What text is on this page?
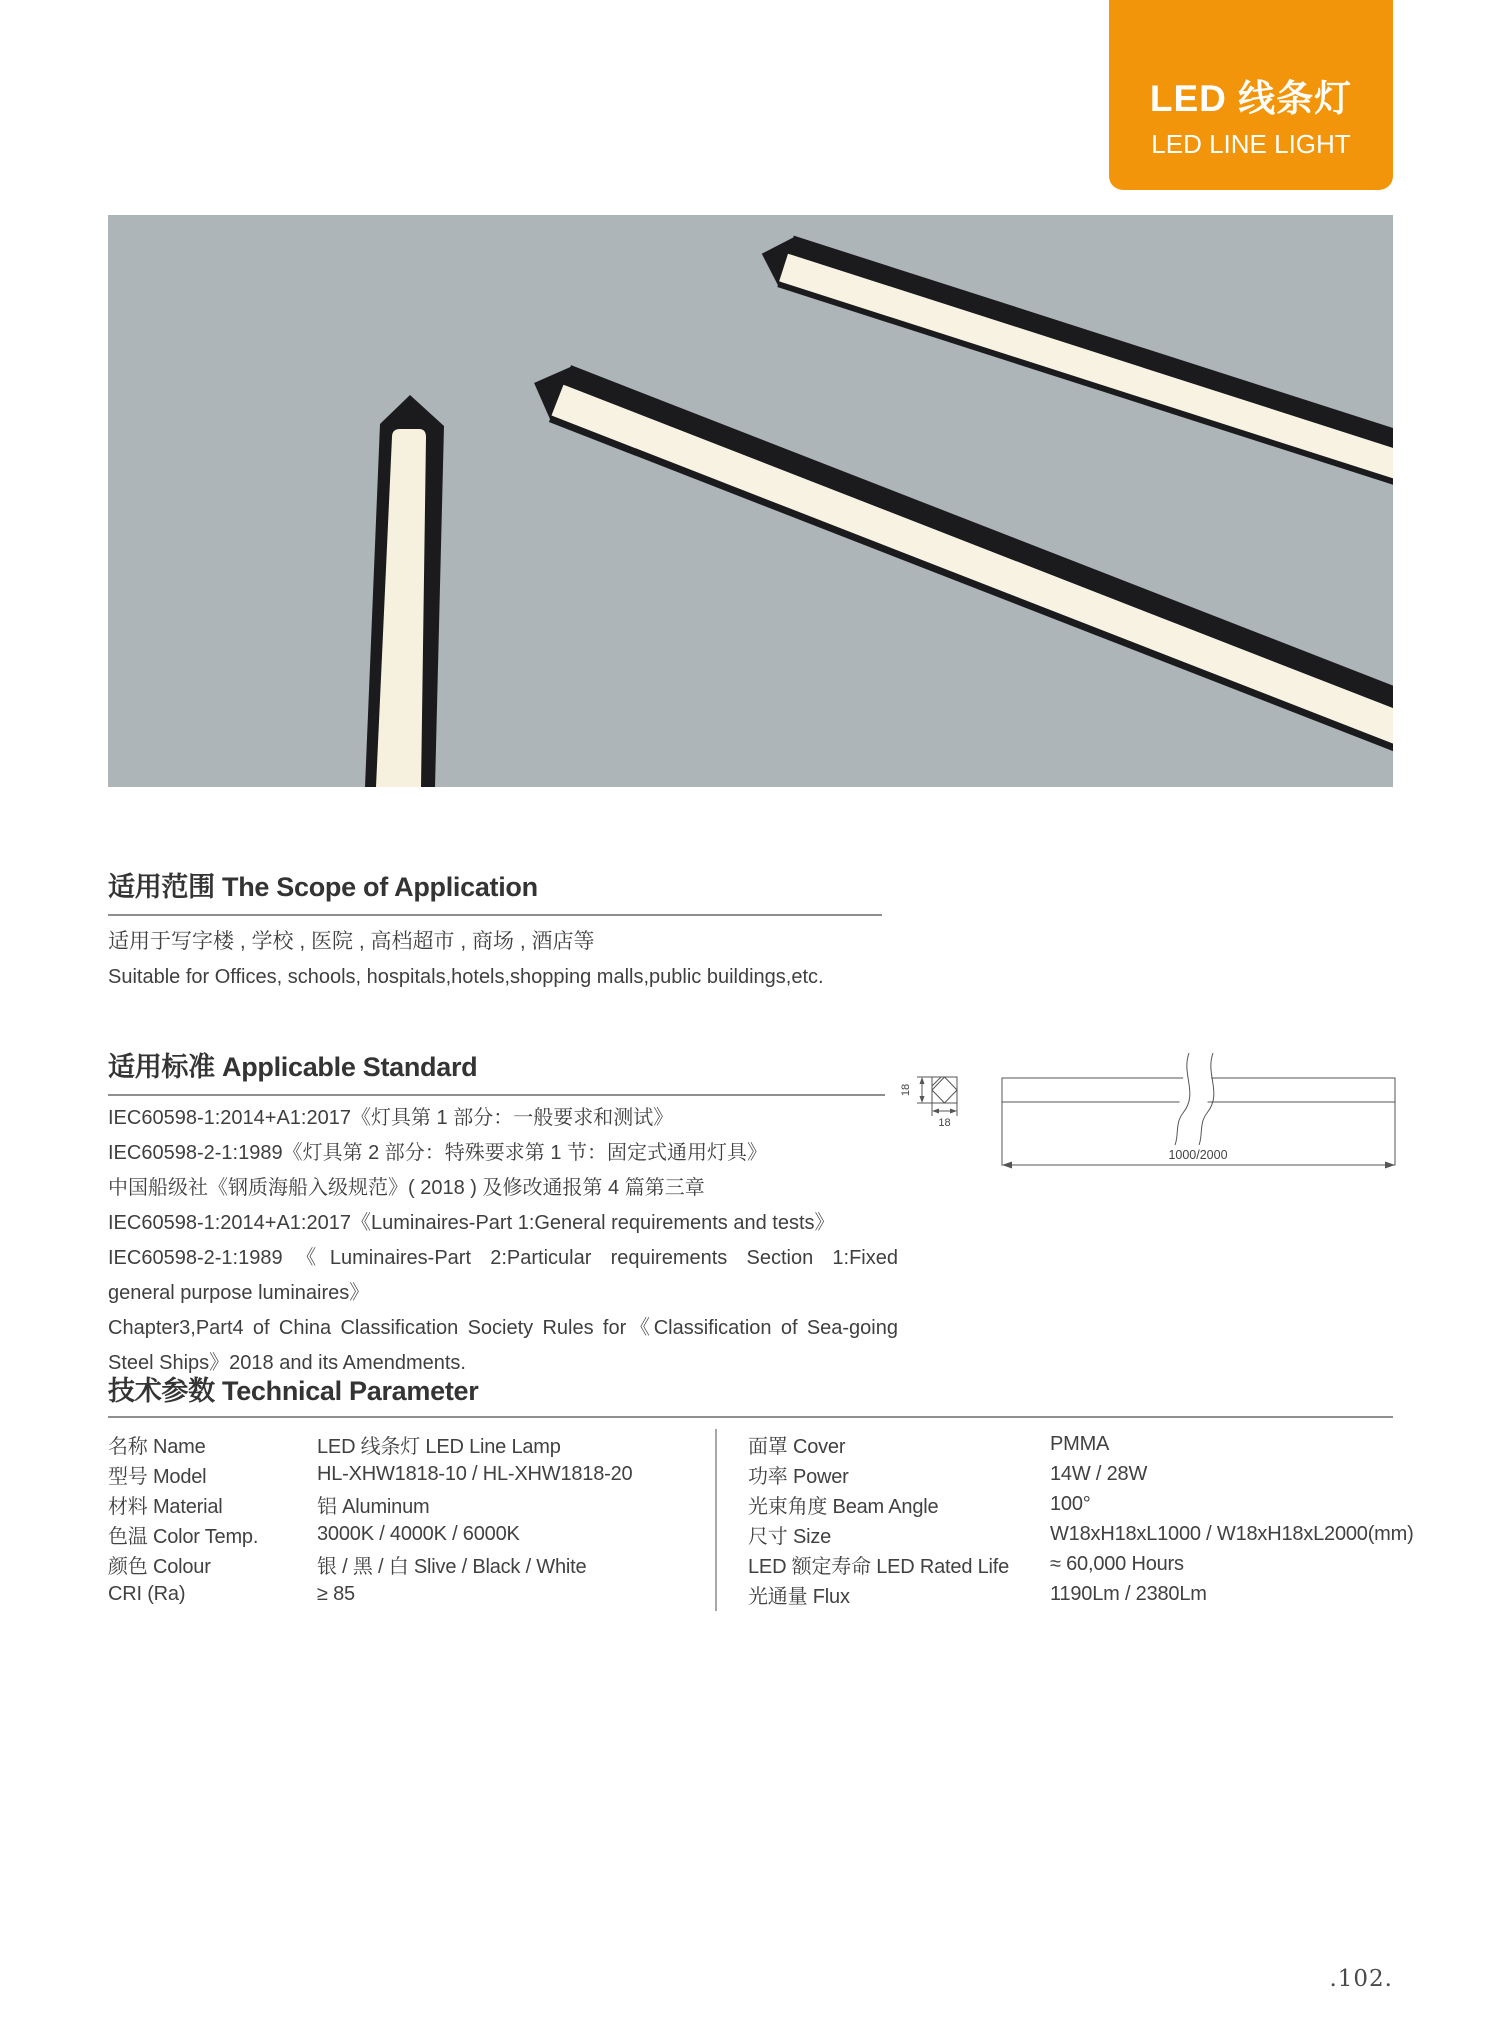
LED 线条灯
LED LINE LIGHT
适用范围 The Scope of Application
适用于写字楼 , 学校 , 医院 , 高档超市 , 商场 , 酒店等
Suitable for Offices, schools, hospitals,hotels,shopping malls,public buildings,etc.
适用标准 Applicable Standard
IEC60598-1:2014+A1:2017《灯具第 1 部分：一般要求和测试》
IEC60598-2-1:1989《灯具第 2 部分：特殊要求第 1 节：固定式通用灯具》
中国船级社《钢质海船入级规范》( 2018 ) 及修改通报第 4 篇第三章
IEC60598-1:2014+A1:2017《Luminaires-Part 1:General requirements and tests》
IEC60598-2-1:1989《Luminaires-Part 2:Particular requirements Section 1:Fixed
general purpose luminaires》
Chapter3,Part4 of China Classification Society Rules for《Classification of Sea-going
Steel Ships》2018 and its Amendments.
18
18
1000/2000
技术参数 Technical Parameter
名称 Name	LED 线条灯 LED Line Lamp
型号 Model	HL-XHW1818-10 / HL-XHW1818-20
材料 Material	铝 Aluminum
色温 Color Temp.	3000K / 4000K / 6000K
颜色 Colour	银 / 黑 / 白 Slive / Black / White
CRI (Ra)	≥ 85
面罩 Cover	PMMA
功率 Power	14W / 28W
光束角度 Beam Angle	100°
尺寸 Size	W18xH18xL1000 / W18xH18xL2000(mm)
LED 额定寿命 LED Rated Life	≈ 60,000 Hours
光通量 Flux	1190Lm / 2380Lm
.102.
